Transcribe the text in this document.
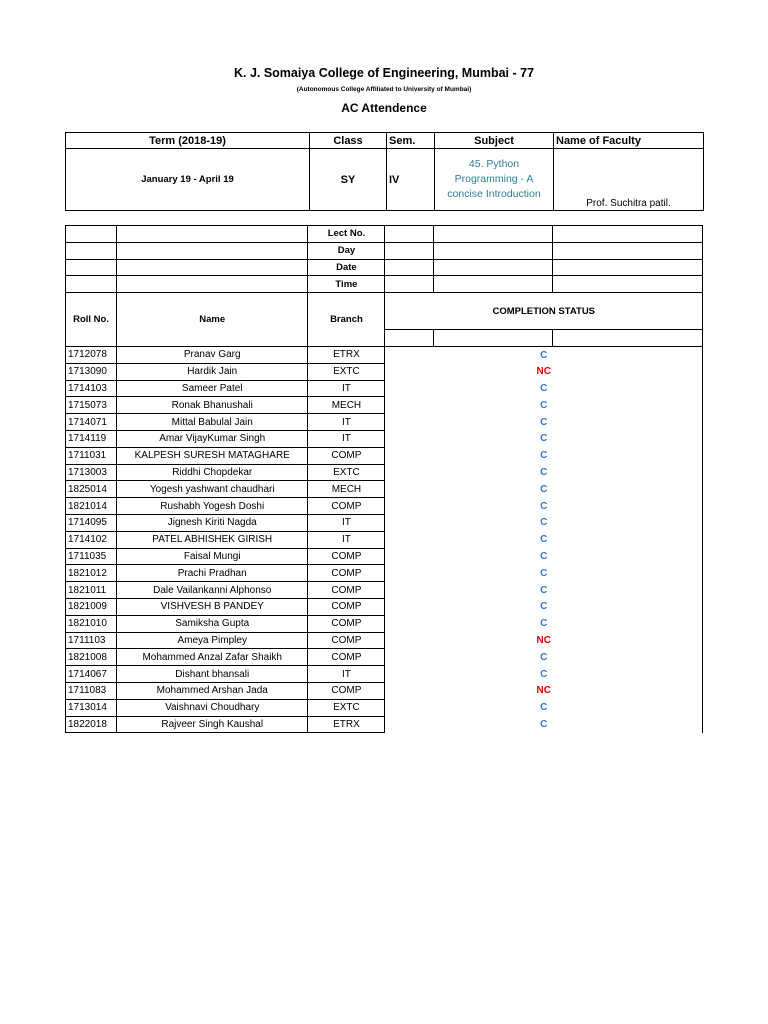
K. J. Somaiya College of Engineering, Mumbai - 77
(Autonomous College Affiliated to University of Mumbai)
AC Attendence
Term (2018-19)	Class	Sem.	Subject	Name of Faculty
January 19 - April 19	SY	IV	45. Python Programming - A concise Introduction	Prof. Suchitra patil.
		Lect No.			
		Day			
		Date			
		Time			
Roll No.	Name	Branch	COMPLETION STATUS		

1712078	Pranav Garg	ETRX	C		
1713090	Hardik Jain	EXTC	NC		
1714103	Sameer Patel	IT	C		
1715073	Ronak Bhanushali	MECH	C		
1714071	Mittal Babulal Jain	IT	C		
1714119	Amar VijayKumar Singh	IT	C		
1711031	KALPESH SURESH MATAGHARE	COMP	C		
1713003	Riddhi Chopdekar	EXTC	C		
1825014	Yogesh yashwant chaudhari	MECH	C		
1821014	Rushabh Yogesh Doshi	COMP	C		
1714095	Jignesh Kiriti Nagda	IT	C		
1714102	PATEL ABHISHEK GIRISH	IT	C		
1711035	Faisal Mungi	COMP	C		
1821012	Prachi Pradhan	COMP	C		
1821011	Dale Vailankanni Alphonso	COMP	C		
1821009	VISHVESH B PANDEY	COMP	C		
1821010	Samiksha Gupta	COMP	C		
1711103	Ameya Pimpley	COMP	NC		
1821008	Mohammed Anzal Zafar Shaikh	COMP	C		
1714067	Dishant bhansali	IT	C		
1711083	Mohammed Arshan Jada	COMP	NC		
1713014	Vaishnavi Choudhary	EXTC	C		
1822018	Rajveer Singh Kaushal	ETRX	C		
